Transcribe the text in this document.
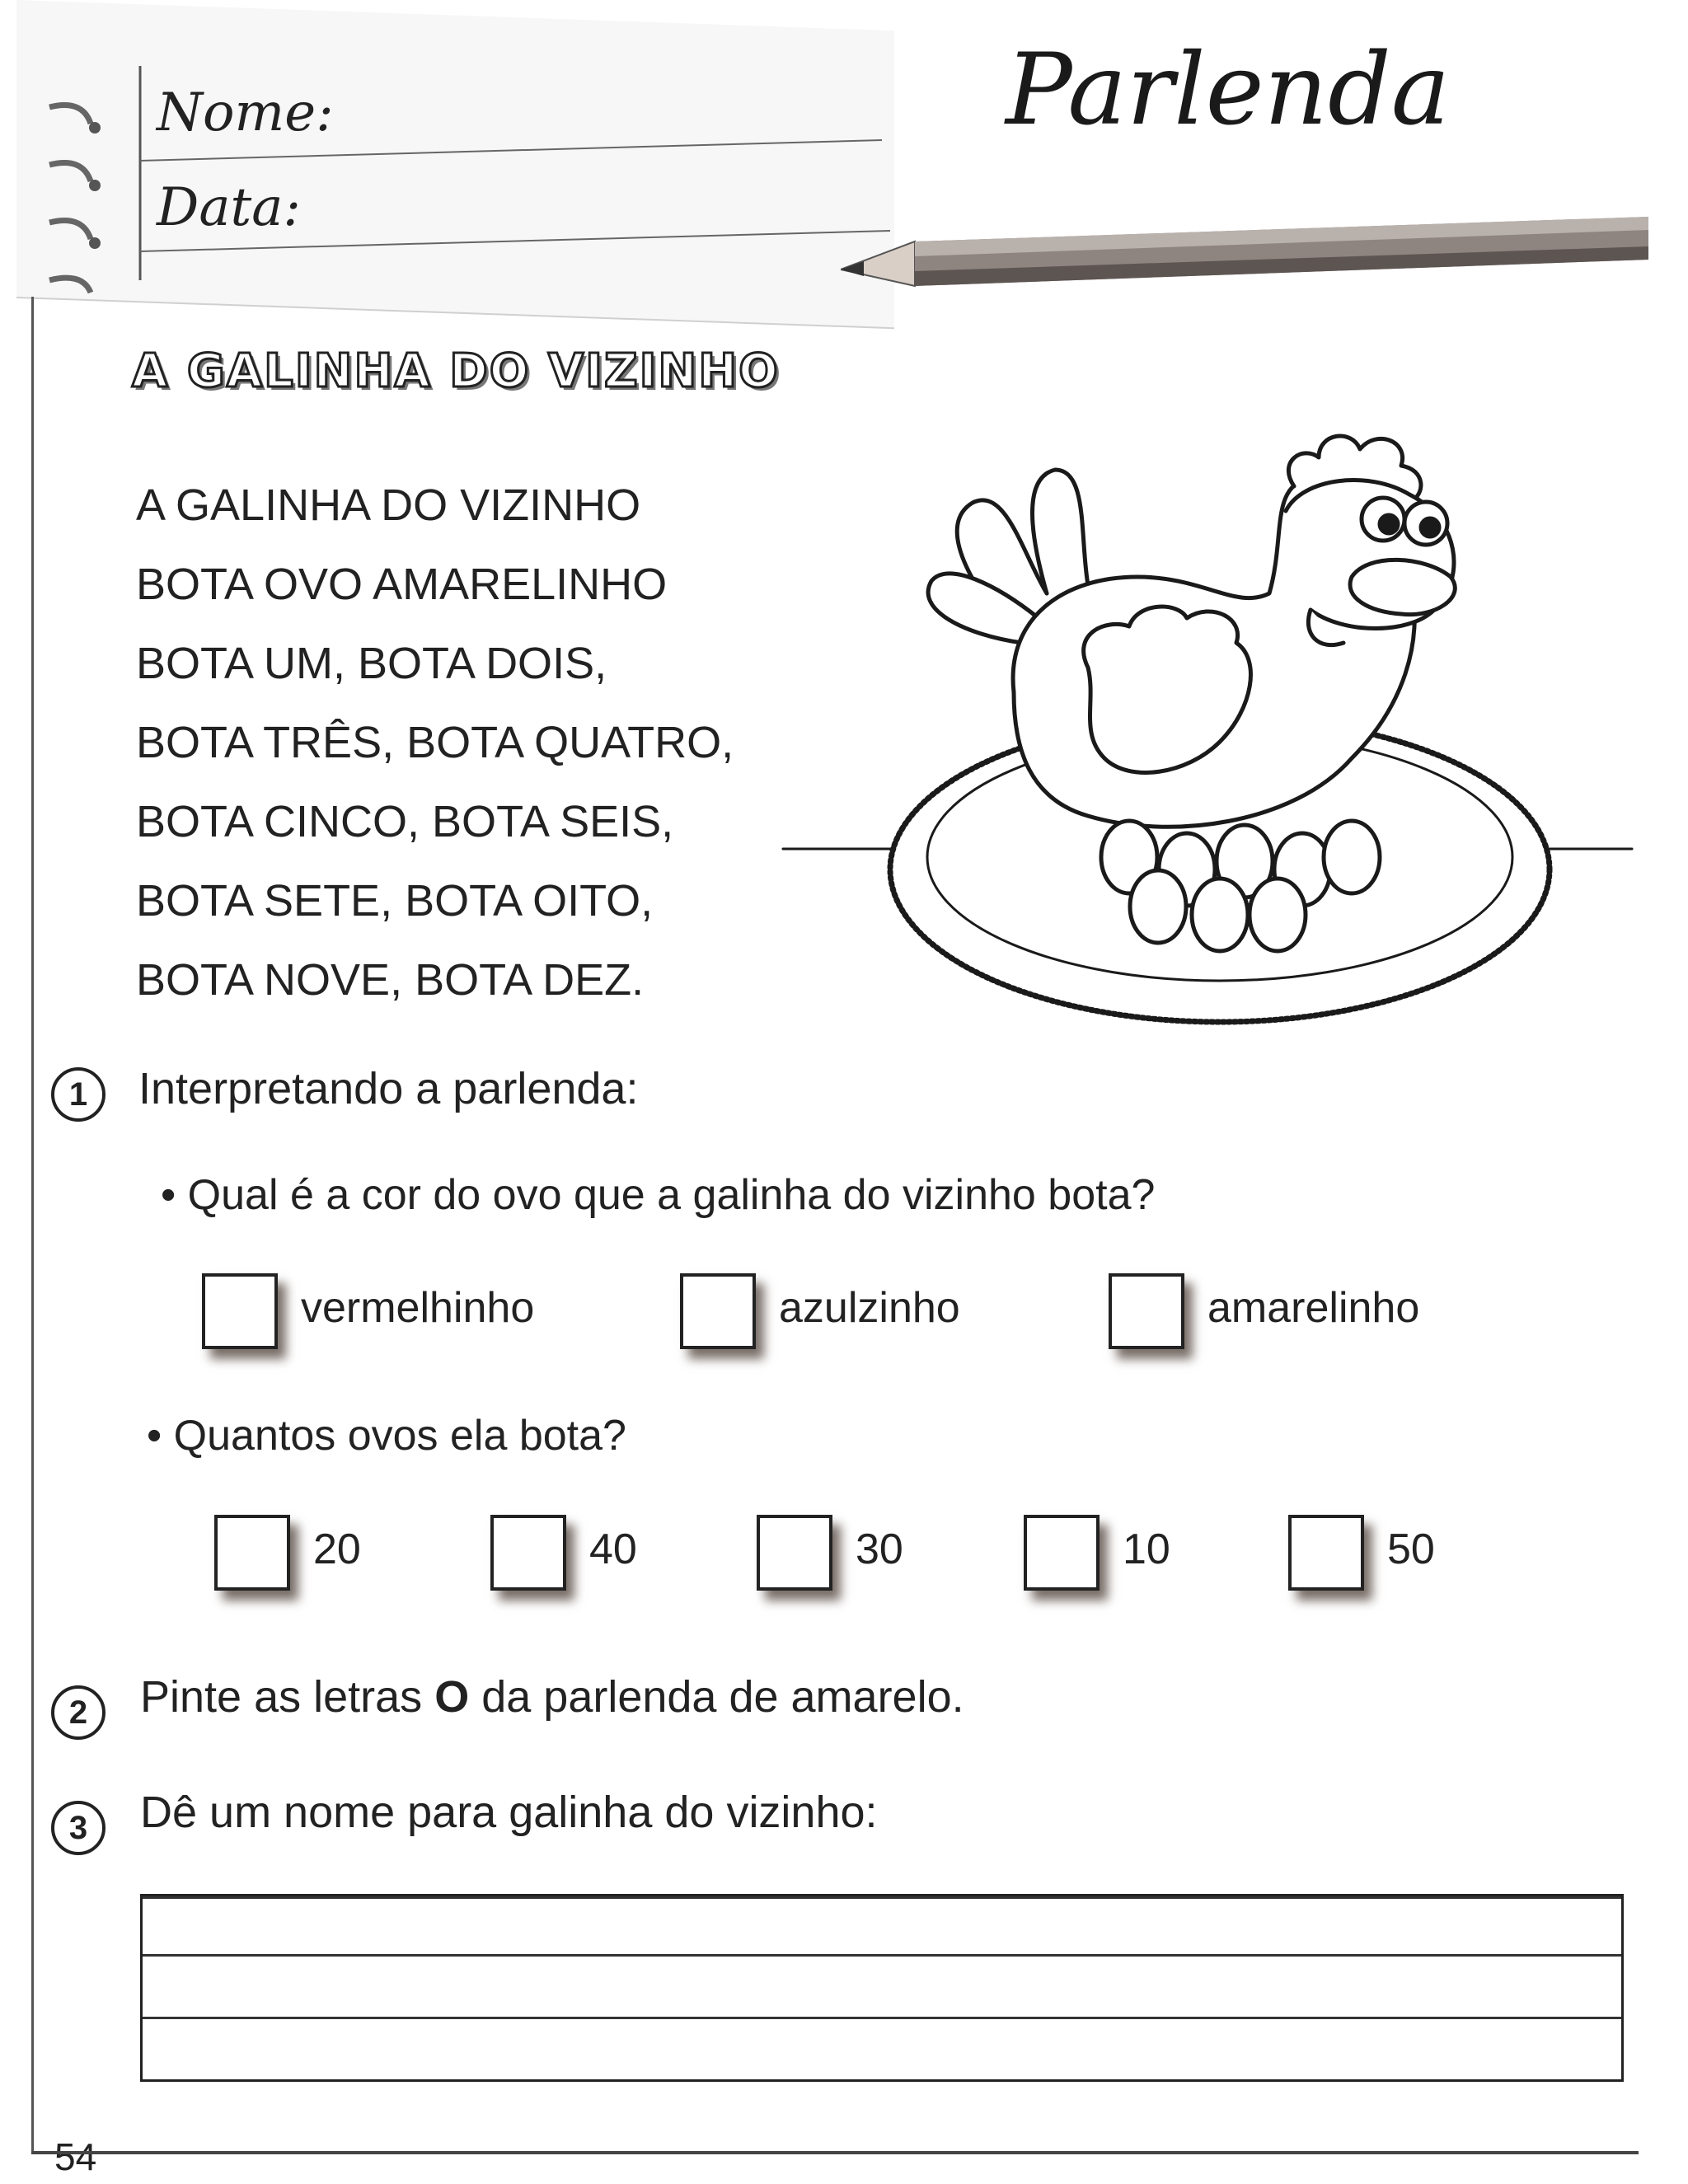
Nome:
Data:
Parlenda
A GALINHA DO VIZINHO
A GALINHA DO VIZINHO
BOTA OVO AMARELINHO
BOTA UM, BOTA DOIS,
BOTA TRÊS, BOTA QUATRO,
BOTA CINCO, BOTA SEIS,
BOTA SETE, BOTA OITO,
BOTA NOVE, BOTA DEZ.
1	Interpretando a parlenda:
• Qual é a cor do ovo que a galinha do vizinho bota?
vermelhinho	azulzinho	amarelinho
• Quantos ovos ela bota?
20	40	30	10	50
2	Pinte as letras O da parlenda de amarelo.
3	Dê um nome para galinha do vizinho:
54
